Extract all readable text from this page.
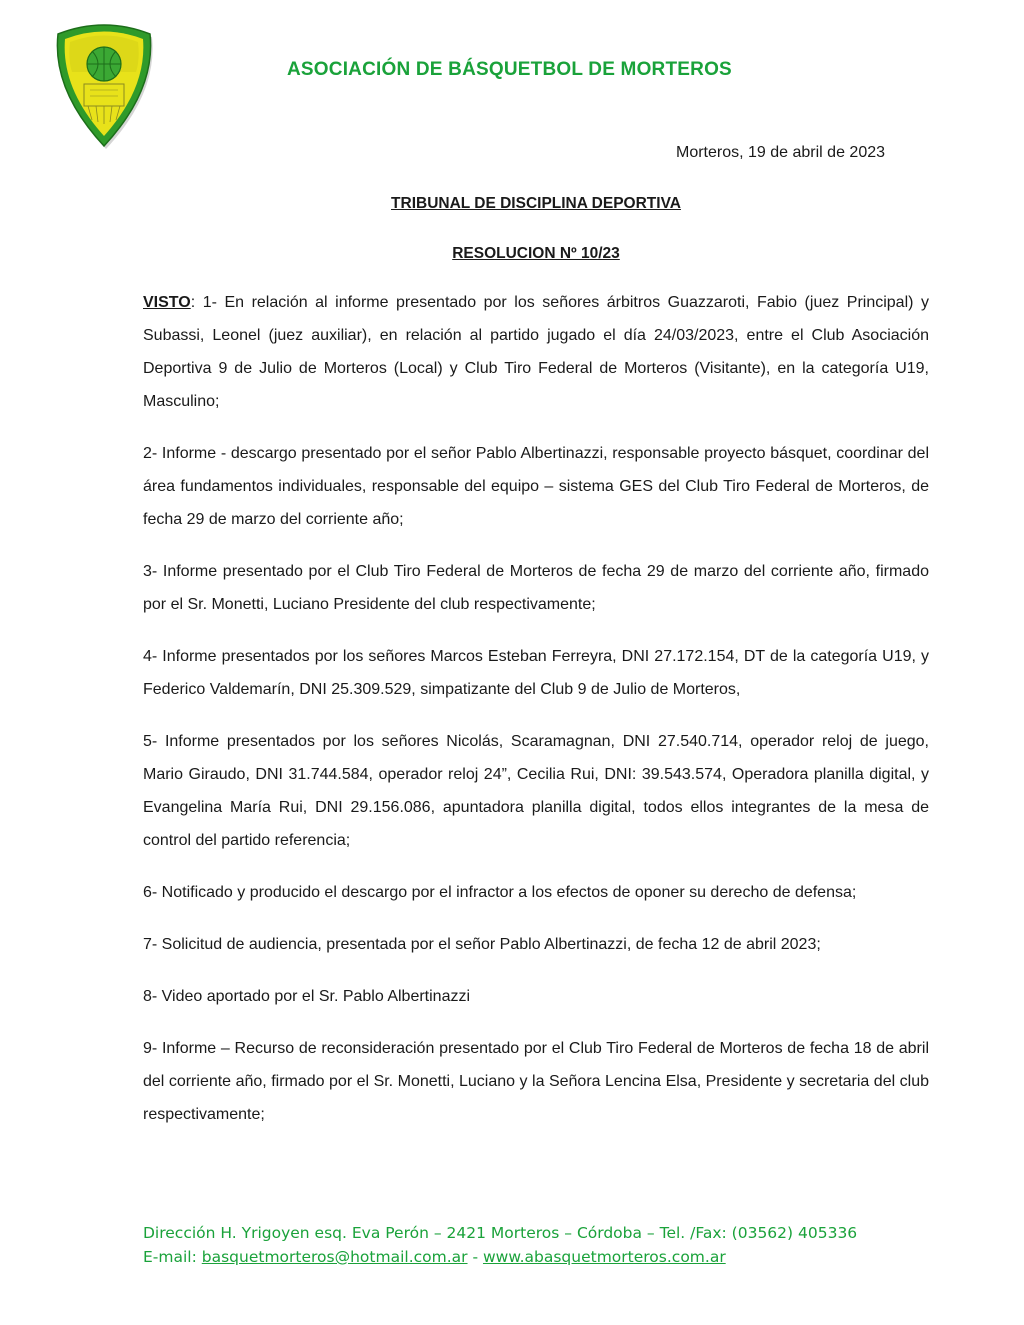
ASOCIACIÓN DE BÁSQUETBOL DE MORTEROS
Morteros, 19 de abril de 2023
TRIBUNAL DE DISCIPLINA DEPORTIVA
RESOLUCION Nº 10/23

VISTO: 1- En relación al informe presentado por los señores árbitros Guazzaroti, Fabio (juez Principal) y Subassi, Leonel (juez auxiliar), en relación al partido jugado el día 24/03/2023, entre el Club Asociación Deportiva 9 de Julio de Morteros (Local) y Club Tiro Federal de Morteros (Visitante), en la categoría U19, Masculino;

2- Informe - descargo presentado por el señor Pablo Albertinazzi, responsable proyecto básquet, coordinar del área fundamentos individuales, responsable del equipo – sistema GES del Club Tiro Federal de Morteros, de fecha 29 de marzo del corriente año;

3- Informe presentado por el Club Tiro Federal de Morteros de fecha 29 de marzo del corriente año, firmado por el Sr. Monetti, Luciano Presidente del club respectivamente;

4- Informe presentados por los señores Marcos Esteban Ferreyra, DNI 27.172.154, DT de la categoría U19, y Federico Valdemarín, DNI 25.309.529, simpatizante del Club 9 de Julio de Morteros,

5- Informe presentados por los señores Nicolás, Scaramagnan, DNI 27.540.714, operador reloj de juego, Mario Giraudo, DNI 31.744.584, operador reloj 24”, Cecilia Rui, DNI: 39.543.574, Operadora planilla digital, y Evangelina María Rui, DNI 29.156.086, apuntadora planilla digital, todos ellos integrantes de la mesa de control del partido referencia;

6- Notificado y producido el descargo por el infractor a los efectos de oponer su derecho de defensa;

7- Solicitud de audiencia, presentada por el señor Pablo Albertinazzi, de fecha 12 de abril 2023;

8- Video aportado por el Sr. Pablo Albertinazzi

9- Informe – Recurso de reconsideración presentado por el Club Tiro Federal de Morteros de fecha 18 de abril del corriente año, firmado por el Sr. Monetti, Luciano y la Señora Lencina Elsa, Presidente y secretaria del club respectivamente;

Dirección H. Yrigoyen esq. Eva Perón – 2421 Morteros – Córdoba – Tel. /Fax: (03562) 405336
E-mail: basquetmorteros@hotmail.com.ar - www.abasquetmorteros.com.ar
